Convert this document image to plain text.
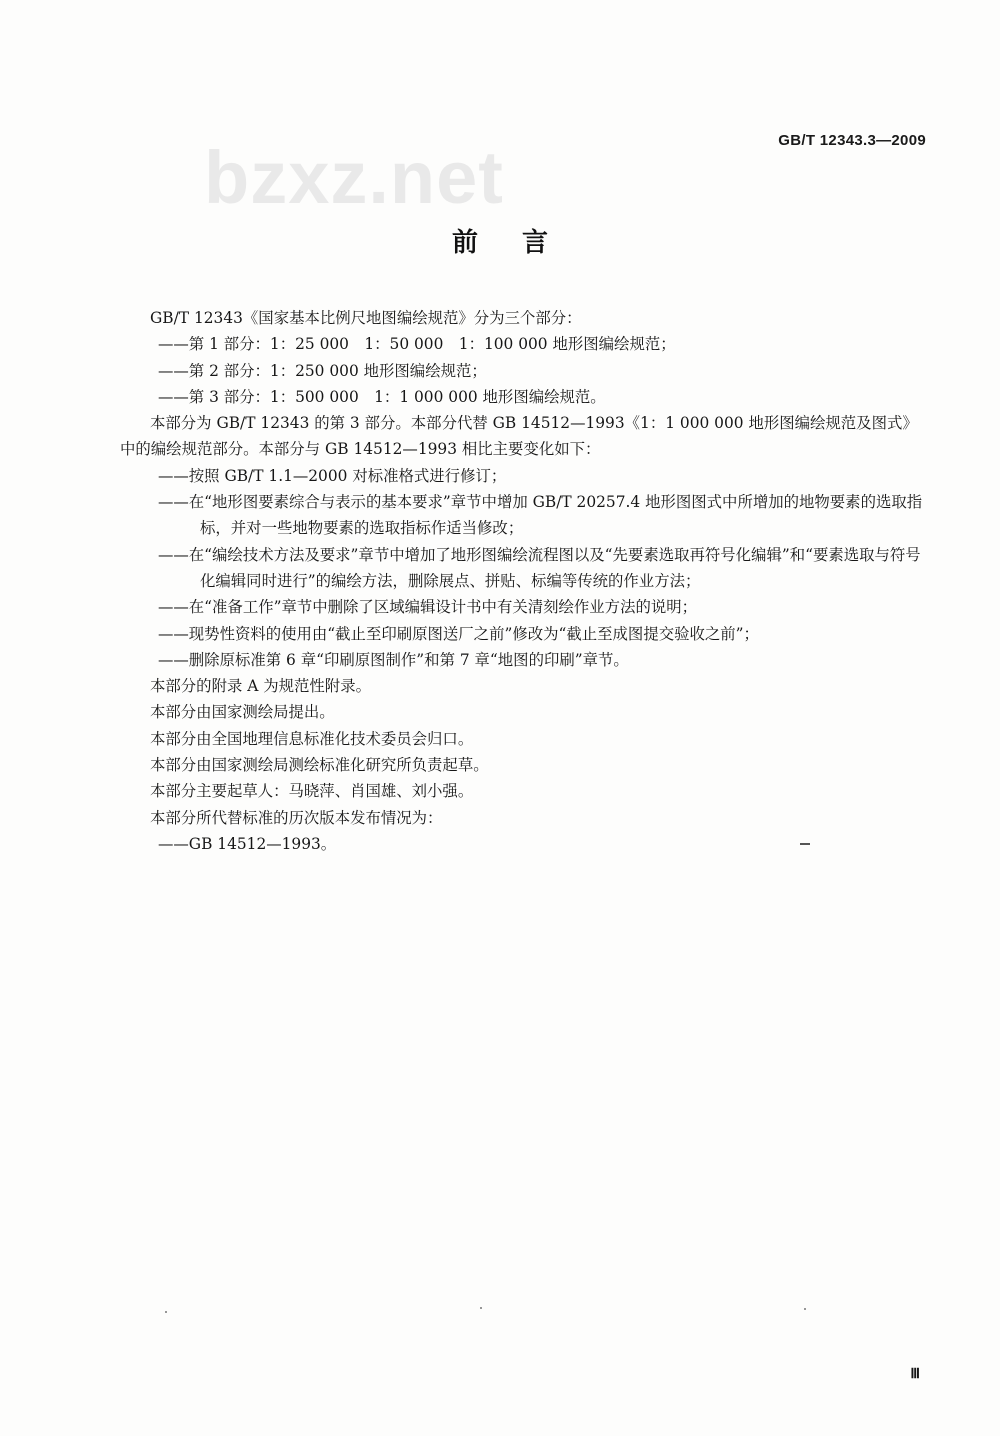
bzxz.net	GB/T 12343.3—2009
前言

GB/T 12343《国家基本比例尺地图编绘规范》分为三个部分：

——第 1 部分：1：25 000　1：50 000　1：100 000 地形图编绘规范；

——第 2 部分：1：250 000 地形图编绘规范；

——第 3 部分：1：500 000　1：1 000 000 地形图编绘规范。

本部分为 GB/T 12343 的第 3 部分。本部分代替 GB 14512—1993《1：1 000 000 地形图编绘规范及图式》中的编绘规范部分。本部分与 GB 14512—1993 相比主要变化如下：

——按照 GB/T 1.1—2000 对标准格式进行修订；

——在“地形图要素综合与表示的基本要求”章节中增加 GB/T 20257.4 地形图图式中所增加的地物要素的选取指标，并对一些地物要素的选取指标作适当修改；

——在“编绘技术方法及要求”章节中增加了地形图编绘流程图以及“先要素选取再符号化编辑”和“要素选取与符号化编辑同时进行”的编绘方法，删除展点、拼贴、标编等传统的作业方法；

——在“准备工作”章节中删除了区域编辑设计书中有关清刻绘作业方法的说明；

——现势性资料的使用由“截止至印刷原图送厂之前”修改为“截止至成图提交验收之前”；

——删除原标准第 6 章“印刷原图制作”和第 7 章“地图的印刷”章节。

本部分的附录 A 为规范性附录。

本部分由国家测绘局提出。

本部分由全国地理信息标准化技术委员会归口。

本部分由国家测绘局测绘标准化研究所负责起草。

本部分主要起草人：马晓萍、肖国雄、刘小强。

本部分所代替标准的历次版本发布情况为：

——GB 14512—1993。

Ⅲ
